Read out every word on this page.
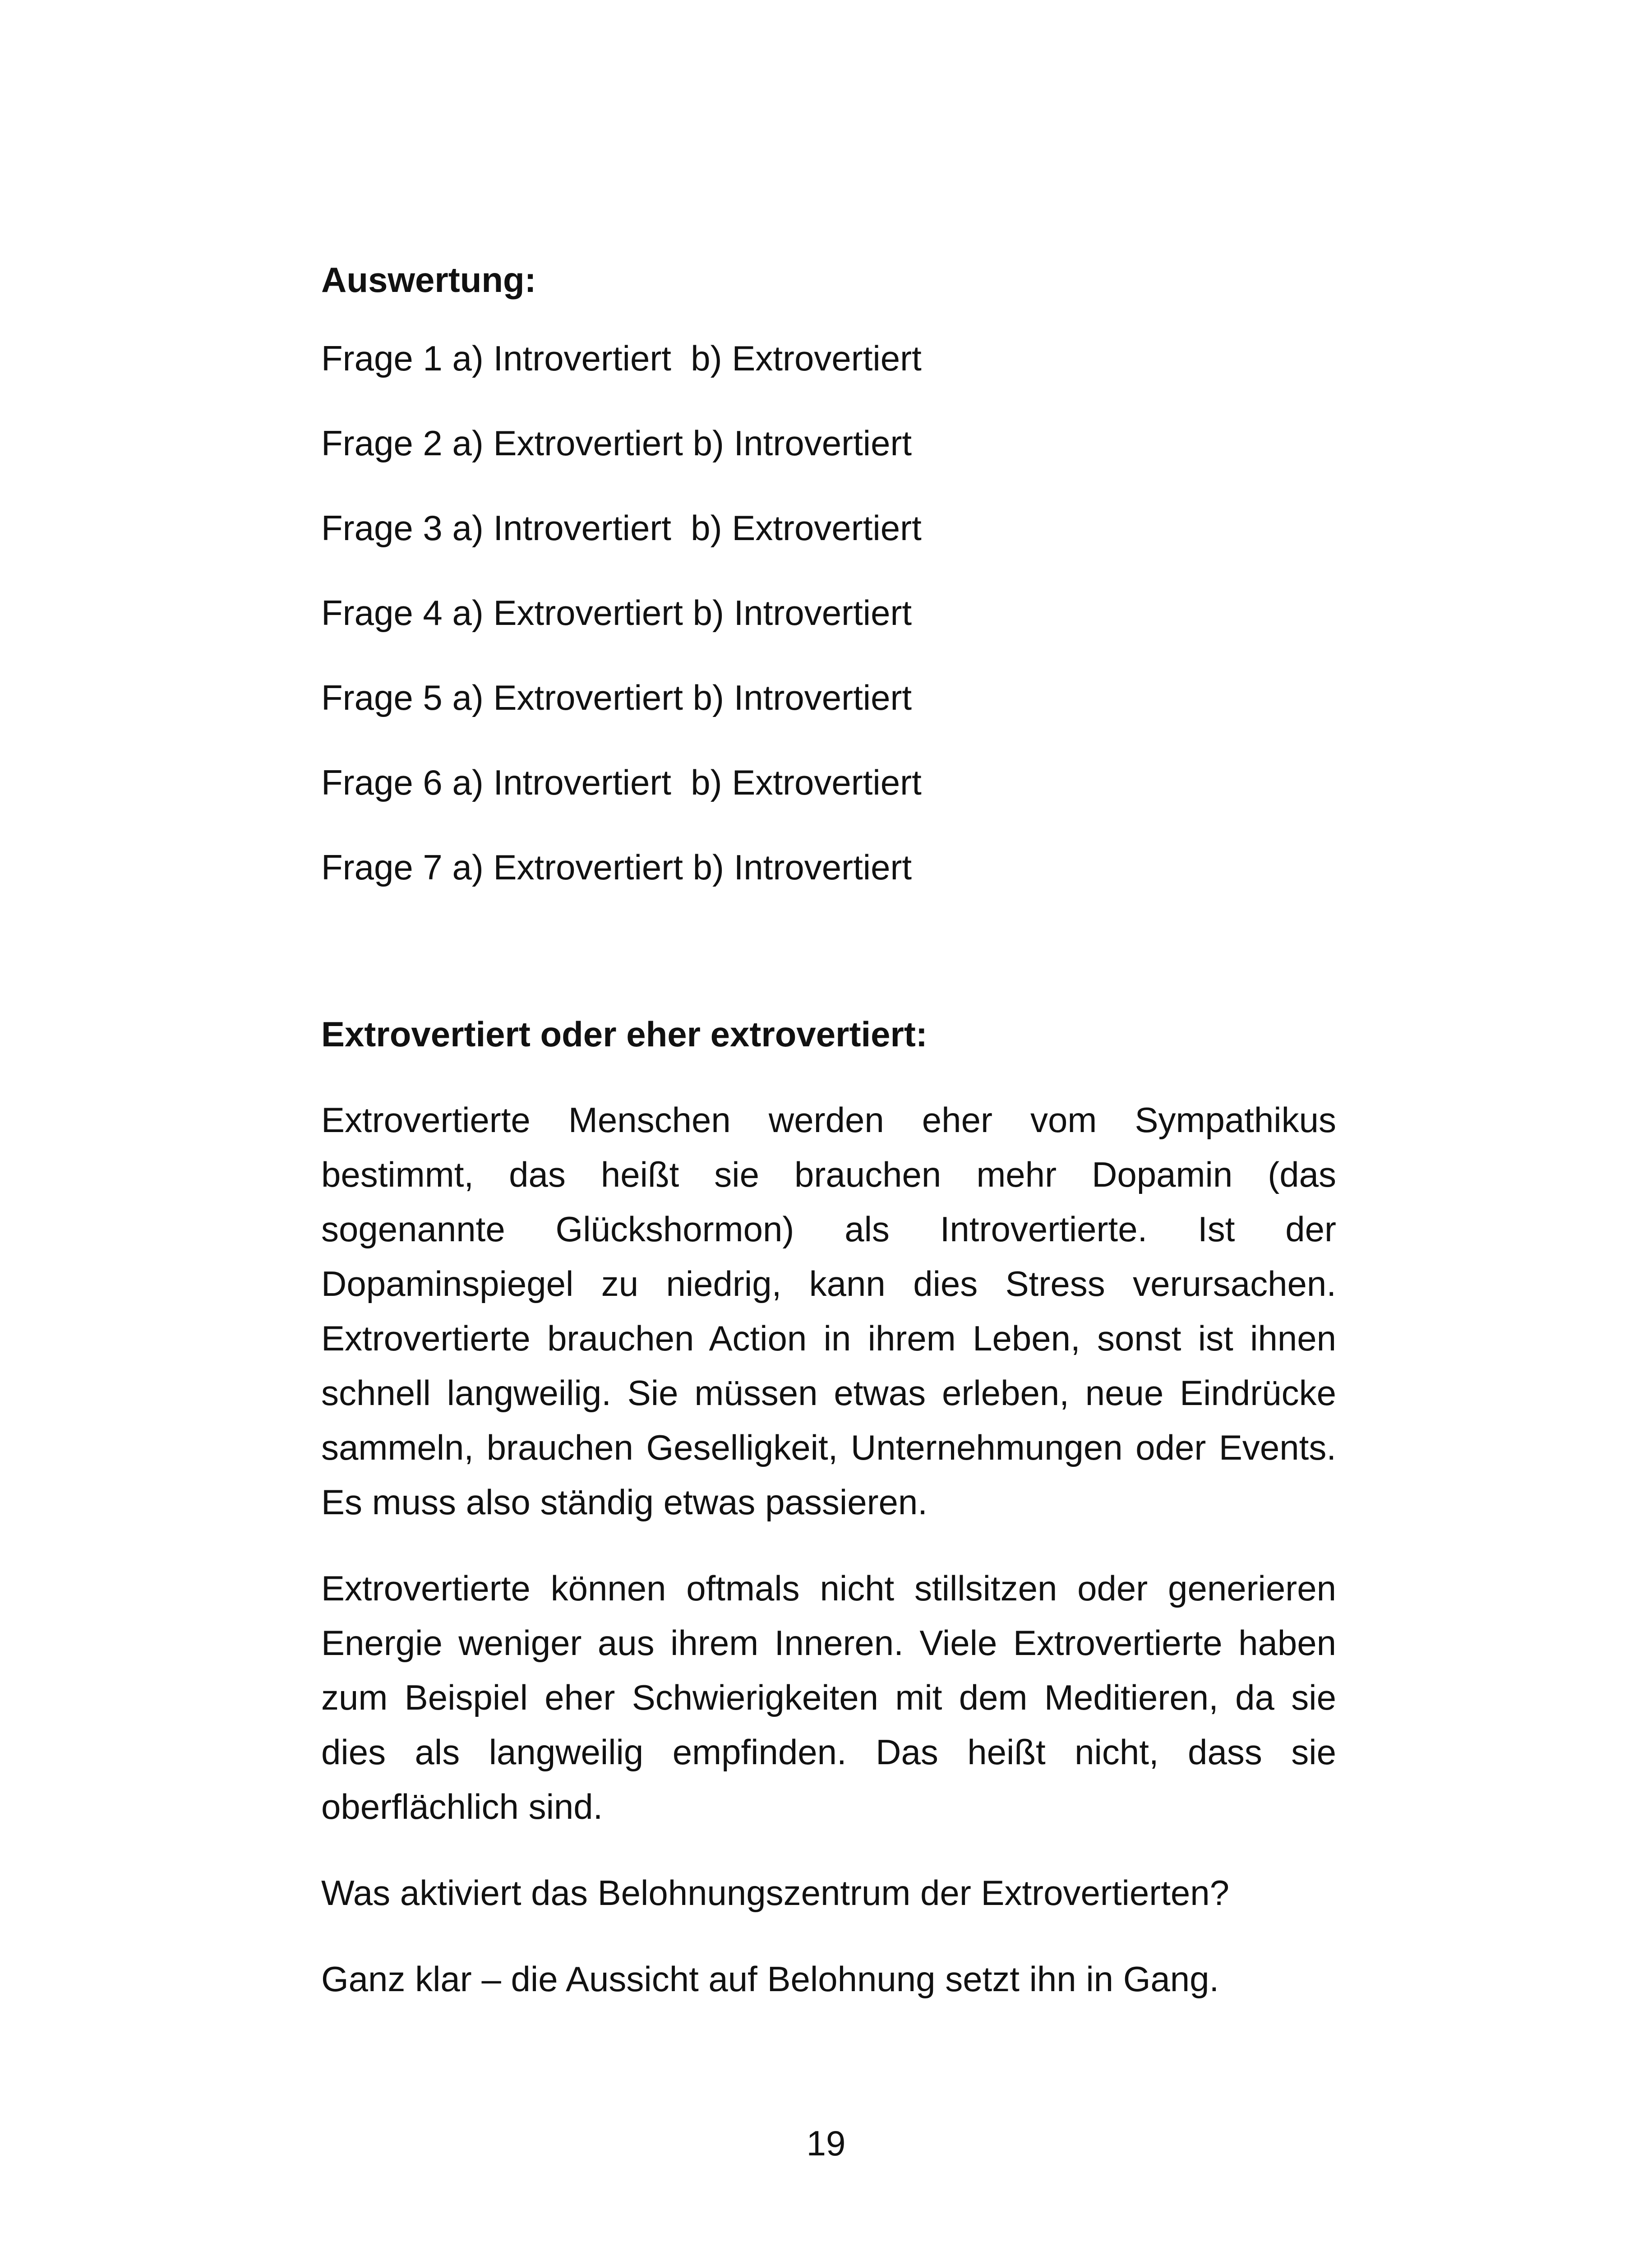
Auswertung:

Frage 1 a) Introvertiert  b) Extrovertiert

Frage 2 a) Extrovertiert b) Introvertiert

Frage 3 a) Introvertiert  b) Extrovertiert

Frage 4 a) Extrovertiert b) Introvertiert

Frage 5 a) Extrovertiert b) Introvertiert

Frage 6 a) Introvertiert  b) Extrovertiert

Frage 7 a) Extrovertiert b) Introvertiert

Extrovertiert oder eher extrovertiert:

Extrovertierte Menschen werden eher vom Sympathikus bestimmt, das heißt sie brauchen mehr Dopamin (das sogenannte Glückshormon) als Introvertierte. Ist der Dopaminspiegel zu niedrig, kann dies Stress verursachen. Extrovertierte brauchen Action in ihrem Leben, sonst ist ihnen schnell langweilig. Sie müssen etwas erleben, neue Eindrücke sammeln, brauchen Geselligkeit, Unternehmungen oder Events. Es muss also ständig etwas passieren.

Extrovertierte können oftmals nicht stillsitzen oder generieren Energie weniger aus ihrem Inneren. Viele Extrovertierte haben zum Beispiel eher Schwierigkeiten mit dem Meditieren, da sie dies als langweilig empfinden. Das heißt nicht, dass sie oberflächlich sind.

Was aktiviert das Belohnungszentrum der Extrovertierten?

Ganz klar – die Aussicht auf Belohnung setzt ihn in Gang.

19
